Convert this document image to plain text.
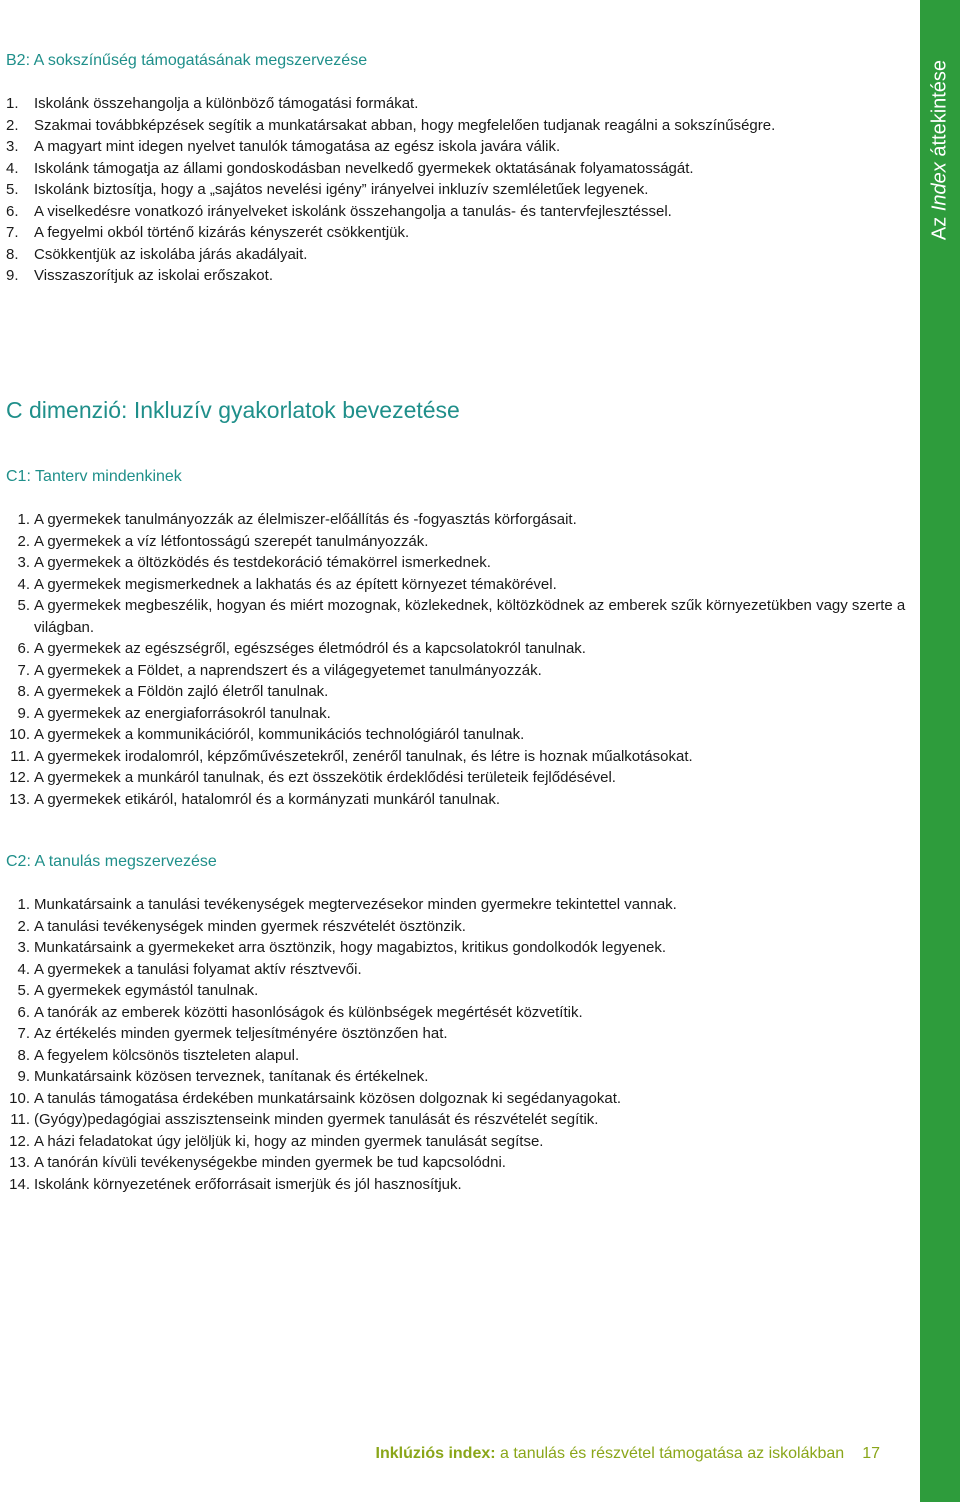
Az Index áttekintése
B2: A sokszínűség támogatásának megszervezése
1. Iskolánk összehangolja a különböző támogatási formákat.
2. Szakmai továbbképzések segítik a munkatársakat abban, hogy megfelelően tudjanak reagálni a sokszínűségre.
3. A magyart mint idegen nyelvet tanulók támogatása az egész iskola javára válik.
4. Iskolánk támogatja az állami gondoskodásban nevelkedő gyermekek oktatásának folyamatosságát.
5. Iskolánk biztosítja, hogy a „sajátos nevelési igény” irányelvei inkluzív szemléletűek legyenek.
6. A viselkedésre vonatkozó irányelveket iskolánk összehangolja a tanulás- és tantervfejlesztéssel.
7. A fegyelmi okból történő kizárás kényszerét csökkentjük.
8. Csökkentjük az iskolába járás akadályait.
9. Visszaszorítjuk az iskolai erőszakot.
C dimenzió: Inkluzív gyakorlatok bevezetése
C1: Tanterv mindenkinek
1. A gyermekek tanulmányozzák az élelmiszer-előállítás és -fogyasztás körforgásait.
2. A gyermekek a víz létfontosságú szerepét tanulmányozzák.
3. A gyermekek a öltözködés és testdekoráció témakörrel ismerkednek.
4. A gyermekek megismerkednek a lakhatás és az épített környezet témakörével.
5. A gyermekek megbeszélik, hogyan és miért mozognak, közlekednek, költözködnek az emberek szűk környezetükben vagy szerte a világban.
6. A gyermekek az egészségről, egészséges életmódról és a kapcsolatokról tanulnak.
7. A gyermekek a Földet, a naprendszert és a világegyetemet tanulmányozzák.
8. A gyermekek a Földön zajló életről tanulnak.
9. A gyermekek az energiaforrásokról tanulnak.
10. A gyermekek a kommunikációról, kommunikációs technológiáról tanulnak.
11. A gyermekek irodalomról, képzőművészetekről, zenéről tanulnak, és létre is hoznak műalkotásokat.
12. A gyermekek a munkáról tanulnak, és ezt összekötik érdeklődési területeik fejlődésével.
13. A gyermekek etikáról, hatalomról és a kormányzati munkáról tanulnak.
C2: A tanulás megszervezése
1. Munkatársaink a tanulási tevékenységek megtervezésekor minden gyermekre tekintettel vannak.
2. A tanulási tevékenységek minden gyermek részvételét ösztönzik.
3. Munkatársaink a gyermekeket arra ösztönzik, hogy magabiztos, kritikus gondolkodók legyenek.
4. A gyermekek a tanulási folyamat aktív résztvevői.
5. A gyermekek egymástól tanulnak.
6. A tanórák az emberek közötti hasonlóságok és különbségek megértését közvetítik.
7. Az értékelés minden gyermek teljesítményére ösztönzően hat.
8. A fegyelem kölcsönös tiszteleten alapul.
9. Munkatársaink közösen terveznek, tanítanak és értékelnek.
10. A tanulás támogatása érdekében munkatársaink közösen dolgoznak ki segédanyagokat.
11. (Gyógy)pedagógiai asszisztenseink minden gyermek tanulását és részvételét segítik.
12. A házi feladatokat úgy jelöljük ki, hogy az minden gyermek tanulását segítse.
13. A tanórán kívüli tevékenységekbe minden gyermek be tud kapcsolódni.
14. Iskolánk környezetének erőforrásait ismerjük és jól hasznosítjuk.
Inklúziós index: a tanulás és részvétel támogatása az iskolákban 17
